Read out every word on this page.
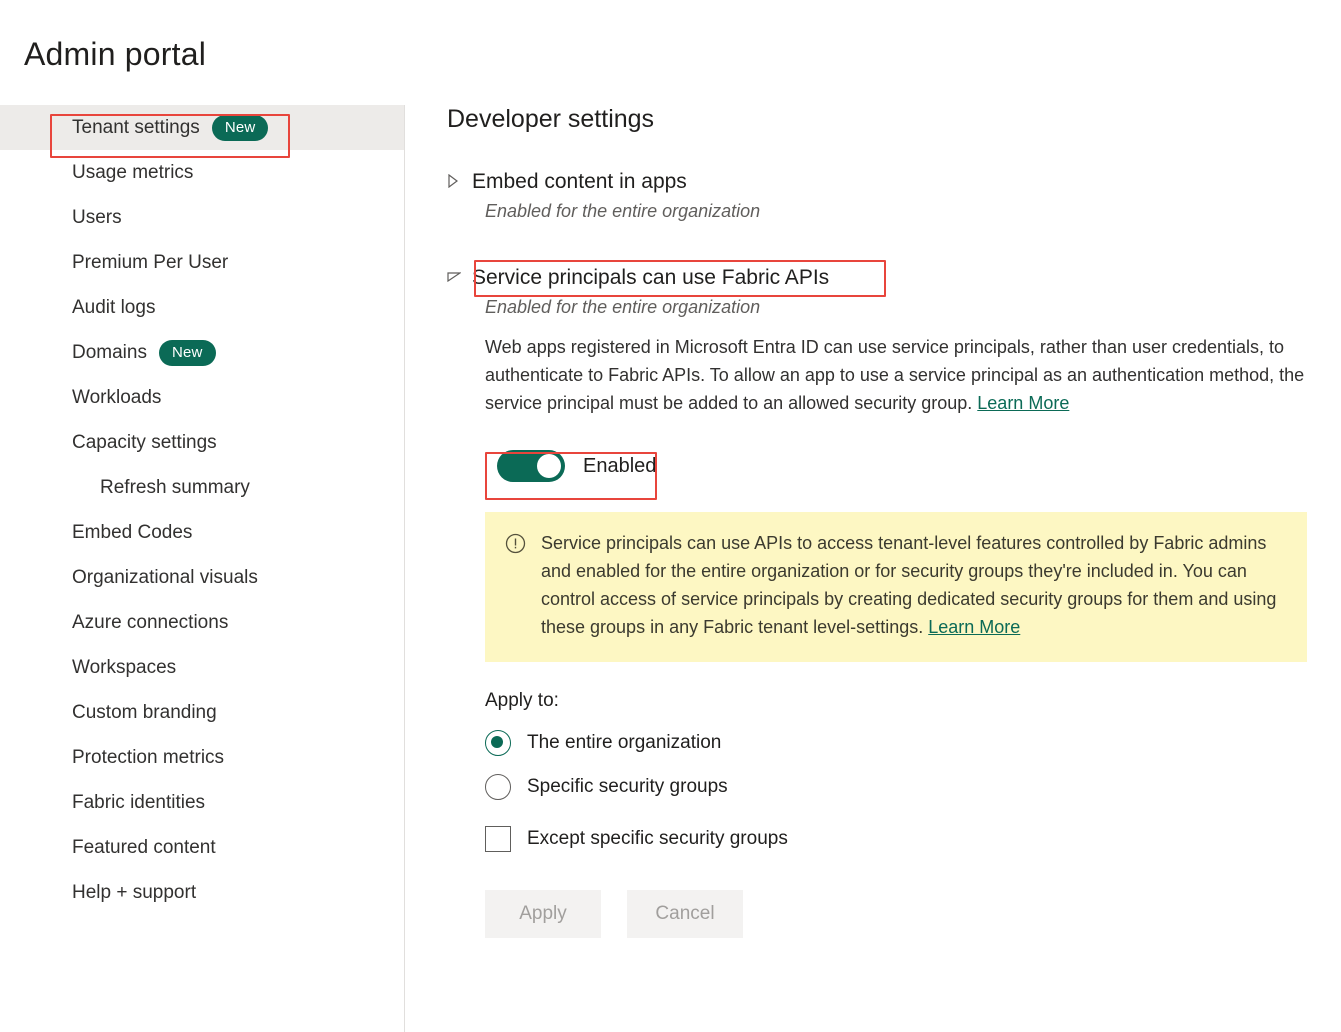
Admin portal
Tenant settings	New
Usage metrics
Users
Premium Per User
Audit logs
Domains	New
Workloads
Capacity settings
Refresh summary
Embed Codes
Organizational visuals
Azure connections
Workspaces
Custom branding
Protection metrics
Fabric identities
Featured content
Help + support
Developer settings
Embed content in apps
Enabled for the entire organization
Service principals can use Fabric APIs
Enabled for the entire organization
Web apps registered in Microsoft Entra ID can use service principals, rather than user credentials, to authenticate to Fabric APIs. To allow an app to use a service principal as an authentication method, the service principal must be added to an allowed security group. Learn More
Enabled
Service principals can use APIs to access tenant-level features controlled by Fabric admins and enabled for the entire organization or for security groups they're included in. You can control access of service principals by creating dedicated security groups for them and using these groups in any Fabric tenant level-settings. Learn More
Apply to:
The entire organization
Specific security groups
Except specific security groups
Apply	Cancel
